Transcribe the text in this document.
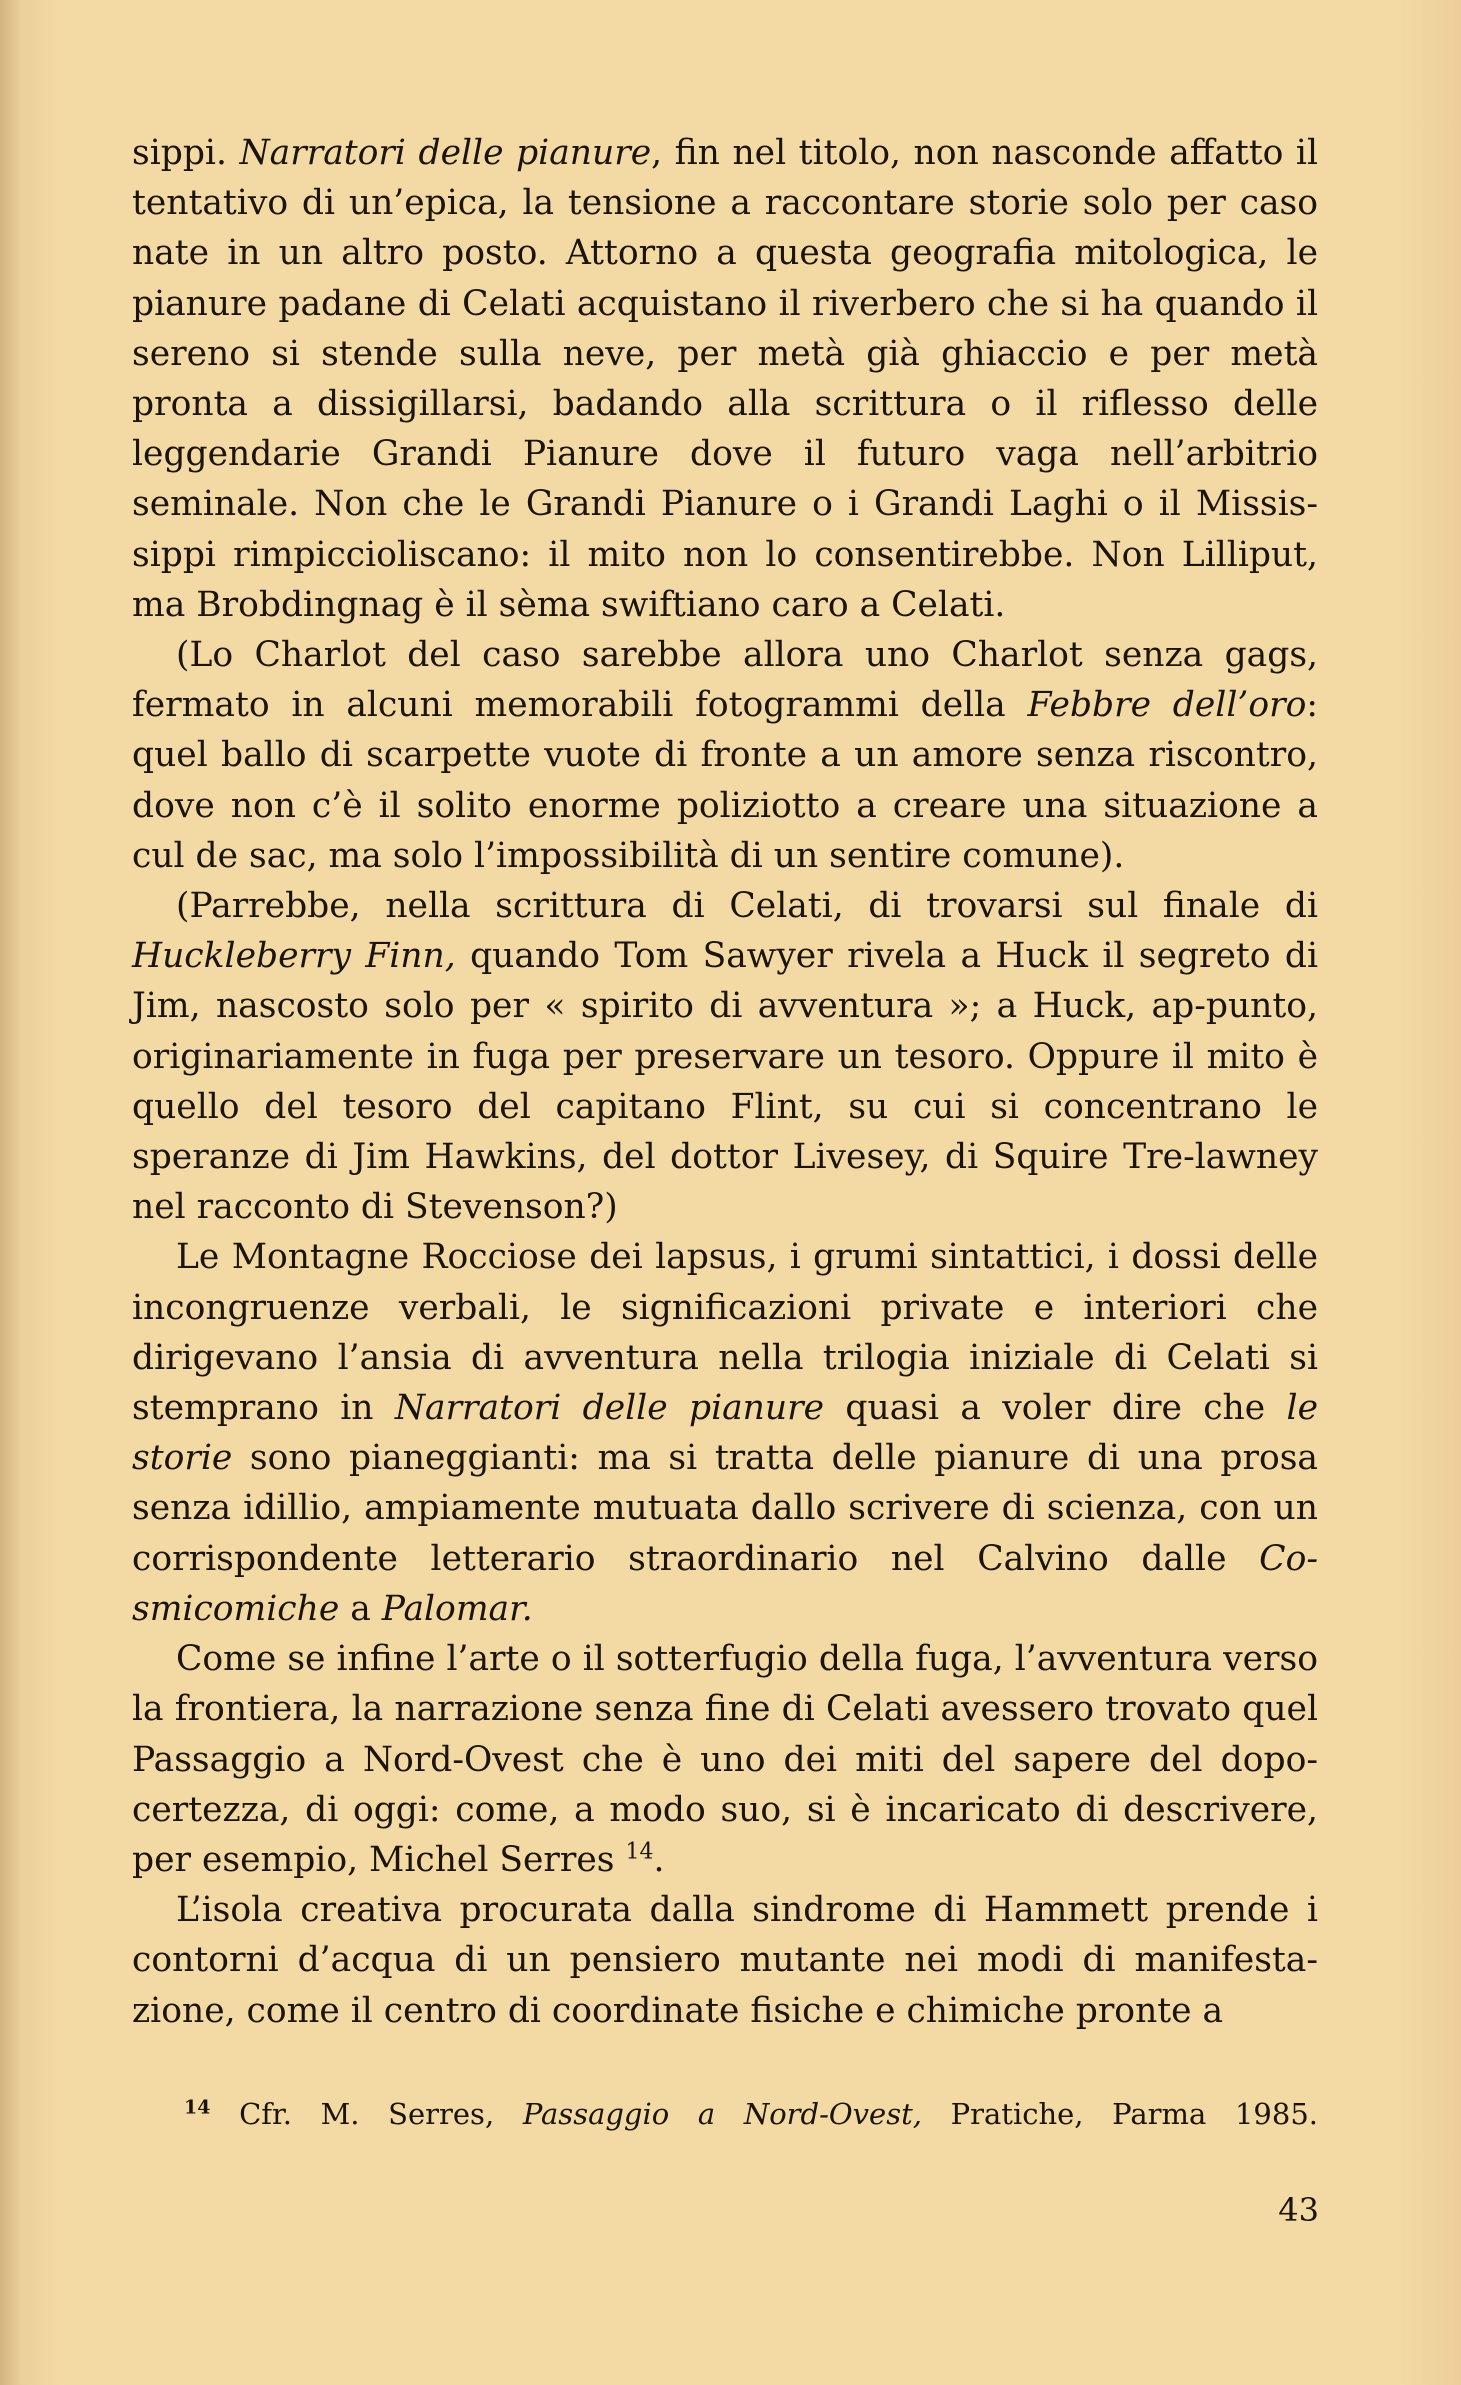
sippi. Narratori delle pianure, fin nel titolo, non nasconde affatto il tentativo di un’epica, la tensione a raccontare storie solo per caso nate in un altro posto. Attorno a questa geografia mitologica, le pianure padane di Celati acquistano il riverbero che si ha quando il sereno si stende sulla neve, per metà già ghiaccio e per metà pronta a dissigillarsi, badando alla scrittura o il riflesso delle leggendarie Grandi Pianure dove il futuro vaga nell’arbitrio seminale. Non che le Grandi Pianure o i Grandi Laghi o il Missis-sippi rimpiccioliscano: il mito non lo consentirebbe. Non Lilliput, ma Brobdingnag è il sèma swiftiano caro a Celati.

(Lo Charlot del caso sarebbe allora uno Charlot senza gags, fermato in alcuni memorabili fotogrammi della Febbre dell’oro: quel ballo di scarpette vuote di fronte a un amore senza riscontro, dove non c’è il solito enorme poliziotto a creare una situazione a cul de sac, ma solo l’impossibilità di un sentire comune).

(Parrebbe, nella scrittura di Celati, di trovarsi sul finale di Huckleberry Finn, quando Tom Sawyer rivela a Huck il segreto di Jim, nascosto solo per « spirito di avventura »; a Huck, ap-punto, originariamente in fuga per preservare un tesoro. Oppure il mito è quello del tesoro del capitano Flint, su cui si concentrano le speranze di Jim Hawkins, del dottor Livesey, di Squire Tre-lawney nel racconto di Stevenson?)

Le Montagne Rocciose dei lapsus, i grumi sintattici, i dossi delle incongruenze verbali, le significazioni private e interiori che dirigevano l’ansia di avventura nella trilogia iniziale di Celati si stemprano in Narratori delle pianure quasi a voler dire che le storie sono pianeggianti: ma si tratta delle pianure di una prosa senza idillio, ampiamente mutuata dallo scrivere di scienza, con un corrispondente letterario straordinario nel Calvino dalle Co-smicomiche a Palomar.

Come se infine l’arte o il sotterfugio della fuga, l’avventura verso la frontiera, la narrazione senza fine di Celati avessero trovato quel Passaggio a Nord-Ovest che è uno dei miti del sapere del dopo-certezza, di oggi: come, a modo suo, si è incaricato di descrivere, per esempio, Michel Serres $^{14}$.

L’isola creativa procurata dalla sindrome di Hammett prende i contorni d’acqua di un pensiero mutante nei modi di manifesta-zione, come il centro di coordinate fisiche e chimiche pronte a

$^{14}$ Cfr. M. Serres, Passaggio a Nord-Ovest, Pratiche, Parma 1985.
43
